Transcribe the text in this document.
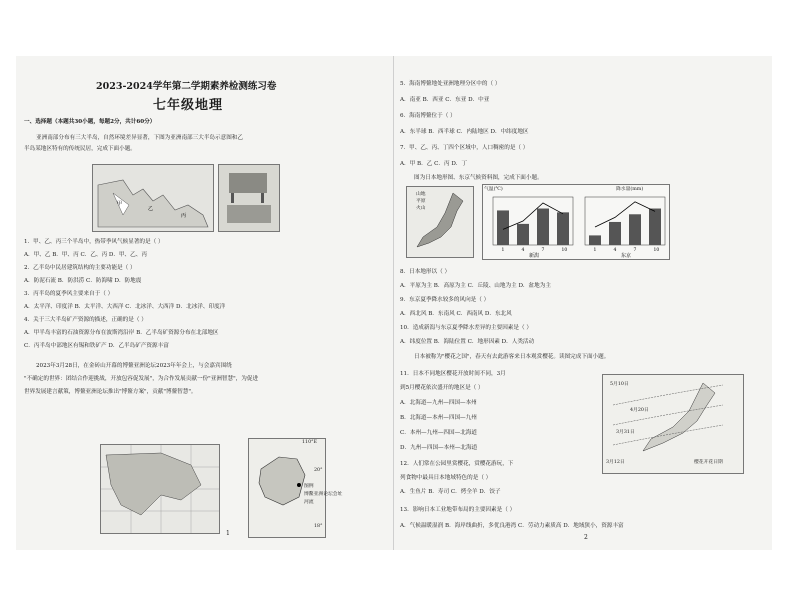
2023-2024学年第二学期素养检测练习卷
七年级地理
一、选择题（本题共30小题，每题2分，共计60分）
亚洲南部分布有三大半岛，自然环境差异显著，下图为亚洲南部三大半岛示意图和乙
半岛某地区特有的传统民居，完成下面小题。
甲
乙
丙
1．甲、乙、丙三个半岛中，热带季风气候显著的是（ ）
A．甲、乙 B．甲、丙 C．乙、丙 D．甲、乙、丙
2．乙半岛中民居建筑结构的主要功能是（ ）
A．防泥石流 B．防洪涝 C．防海啸 D．防地震
3．丙半岛的夏季风主要来自于（ ）
A．太平洋、印度洋 B．太平洋、大西洋 C．北冰洋、大西洋 D．北冰洋、印度洋
4．关于三大半岛矿产资源的描述，正确的是（ ）
A．甲半岛丰富的石油资源分布在波斯湾沿岸 B．乙半岛矿资源分布在北部地区
C．丙半岛中部地区有锡和铁矿产 D．乙半岛矿产资源丰富
2023年3月28日，在金砖山开幕的博鳌亚洲论坛2023年年会上，与会嘉宾围绕
"不确定的世界：团结合作迎挑战，开放包容促发展"，为合作发展贡献一份"亚洲智慧"，为促进
世界发展建言献策，博鳌亚洲论坛推出"博鳌方案"，贡献"博鳌智慧"。
110°E
20°
18°
图例
博鳌亚洲论坛会址
河流
1
5．海南博鳌地处亚洲地理分区中的（ ）
A．南亚 B．西亚 C．东亚 D．中亚
6．海南博鳌位于（ ）
A．东半球 B．西半球 C．内陆地区 D．中纬度地区
7．甲、乙、丙、丁四个区域中，人口稠密的是（ ）
A．甲 B．乙 C．丙 D．丁
图为日本地形图、东京气候资料图，完成下面小题。
山地
平原
火山
1	4	7	10
新潟
1	4	7	10
东京
气温(℃)	降水量(mm)
8．日本地形以（ ）
A．平原为主 B．高原为主 C．丘陵、山地为主 D．盆地为主
9．东京夏季降水较多的风向是（ ）
A．西北风 B．东南风 C．西南风 D．东北风
10．造成新潟与东京夏季降水差异的主要因素是（ ）
A．纬度位置 B．海陆位置 C．地形因素 D．人类活动
日本被称为"樱花之国"，春天有去此游客来日本观赏樱花。读图完成下面小题。
11．日本不同地区樱花开放时间不同，3月
到5月樱花依次盛开的地区是（ ）
A．北海道—九州—四国—本州
B．北海道—本州—四国—九州
C．本州—九州—四国—北海道
D．九州—四国—本州—北海道
12．人们常在公园里赏樱花，赏樱花游玩，下
列食物中最具日本地域特色的是（ ）
A．生鱼片 B．寿司 C．烤全羊 D．饺子
13．影响日本工业地带布局的主要因素是（ ）
A．气候温暖湿润 B．海岸线曲折，多优良港湾 C．劳动力素质高 D．地域狭小，资源丰富
5月10日
4月20日
3月31日
3月12日	樱花开花日期
2
